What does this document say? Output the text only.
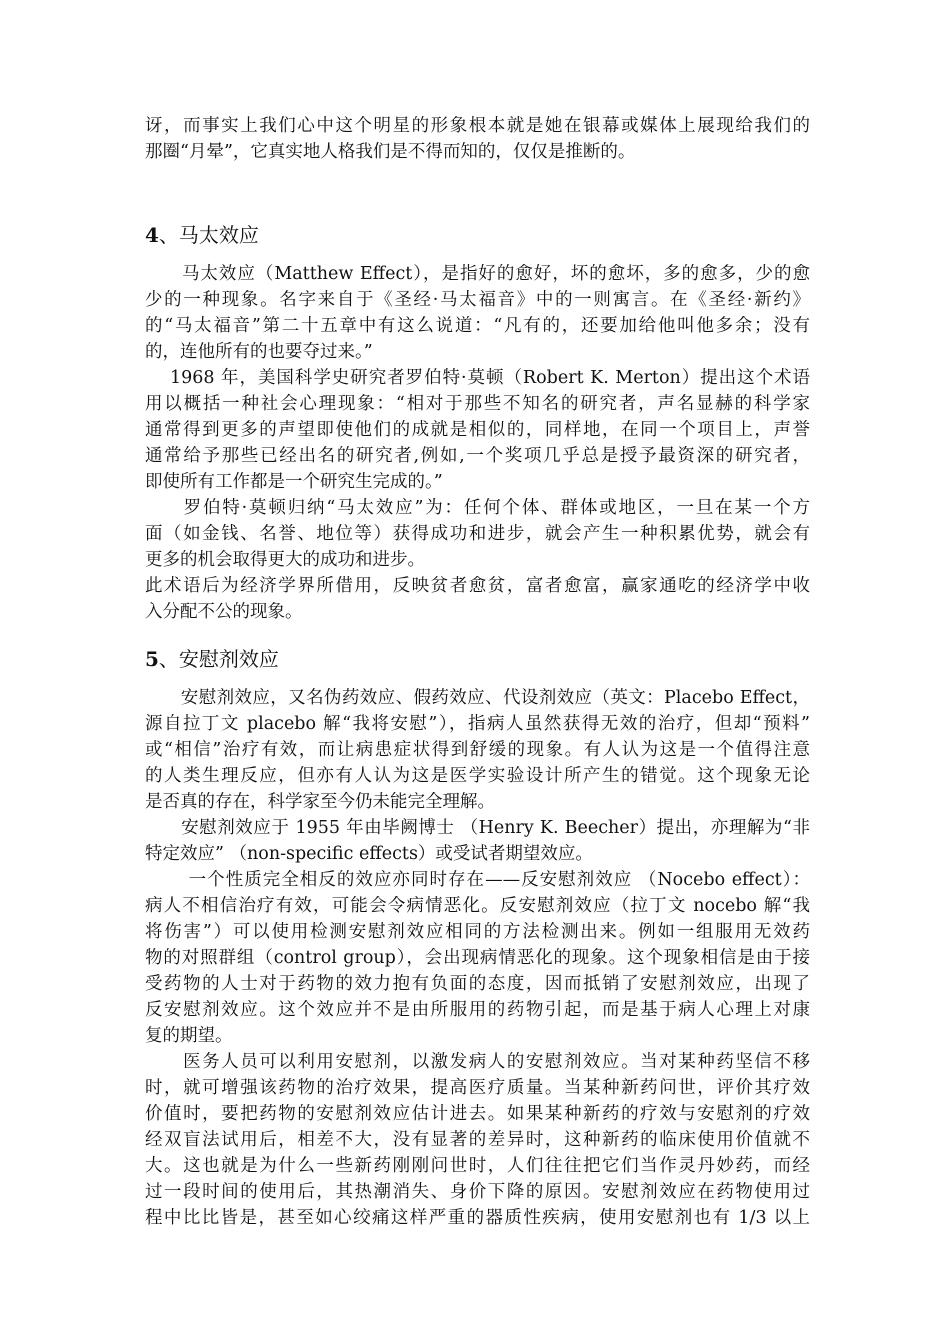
讶，而事实上我们心中这个明星的形象根本就是她在银幕或媒体上展现给我们的
那圈“月晕”，它真实地人格我们是不得而知的，仅仅是推断的。
4、马太效应
　　马太效应（Matthew Effect），是指好的愈好，坏的愈坏，多的愈多，少的愈
少的一种现象。名字来自于《圣经·马太福音》中的一则寓言。在《圣经·新约》
的“马太福音”第二十五章中有这么说道：“凡有的，还要加给他叫他多余；没有
的，连他所有的也要夺过来。”
　 1968 年，美国科学史研究者罗伯特·莫顿（Robert K. Merton）提出这个术语
用以概括一种社会心理现象：“相对于那些不知名的研究者，声名显赫的科学家
通常得到更多的声望即使他们的成就是相似的，同样地，在同一个项目上，声誉
通常给予那些已经出名的研究者,例如,一个奖项几乎总是授予最资深的研究者，
即使所有工作都是一个研究生完成的。”
　　罗伯特·莫顿归纳“马太效应”为：任何个体、群体或地区，一旦在某一个方
面（如金钱、名誉、地位等）获得成功和进步，就会产生一种积累优势，就会有
更多的机会取得更大的成功和进步。
此术语后为经济学界所借用，反映贫者愈贫，富者愈富，赢家通吃的经济学中收
入分配不公的现象。
5、安慰剂效应
　　安慰剂效应，又名伪药效应、假药效应、代设剂效应（英文：Placebo Effect，
源自拉丁文 placebo 解“我将安慰”），指病人虽然获得无效的治疗，但却“预料”
或“相信”治疗有效，而让病患症状得到舒缓的现象。有人认为这是一个值得注意
的人类生理反应，但亦有人认为这是医学实验设计所产生的错觉。这个现象无论
是否真的存在，科学家至今仍未能完全理解。
　　安慰剂效应于 1955 年由毕阙博士 （Henry K. Beecher）提出，亦理解为“非
特定效应” （non-specific effects）或受试者期望效应。
　　 一个性质完全相反的效应亦同时存在——反安慰剂效应 （Nocebo effect）：
病人不相信治疗有效，可能会令病情恶化。反安慰剂效应（拉丁文 nocebo 解“我
将伤害”）可以使用检测安慰剂效应相同的方法检测出来。例如一组服用无效药
物的对照群组（control group），会出现病情恶化的现象。这个现象相信是由于接
受药物的人士对于药物的效力抱有负面的态度，因而抵销了安慰剂效应，出现了
反安慰剂效应。这个效应并不是由所服用的药物引起，而是基于病人心理上对康
复的期望。
　　医务人员可以利用安慰剂，以激发病人的安慰剂效应。当对某种药坚信不移
时，就可增强该药物的治疗效果，提高医疗质量。当某种新药问世，评价其疗效
价值时，要把药物的安慰剂效应估计进去。如果某种新药的疗效与安慰剂的疗效
经双盲法试用后，相差不大，没有显著的差异时，这种新药的临床使用价值就不
大。这也就是为什么一些新药刚刚问世时，人们往往把它们当作灵丹妙药，而经
过一段时间的使用后，其热潮消失、身价下降的原因。安慰剂效应在药物使用过
程中比比皆是，甚至如心绞痛这样严重的器质性疾病，使用安慰剂也有 1/3 以上
